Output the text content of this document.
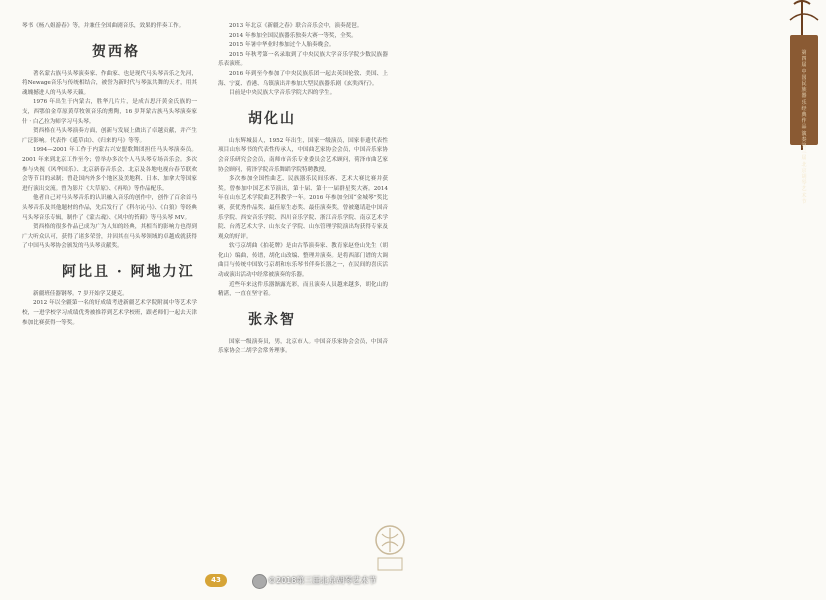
琴书《杨八姐游春》等，并兼任全国曲剧音乐，效果的伴奏工作。

贺西格

著名蒙古族马头琴演奏家、作曲家、也是现代马头琴音乐之先河，将Newage音乐与传统相结合，被誉为新时代与琴弦共舞的天才，用其魂魄撼进人的马头琴天籁。

1976 年出生于内蒙古，胜华几片片，是成吉思汗黄金氏族的一支，西鄂伯金草原黄草牧领音乐的熏陶，16 岁拜蒙古族马头琴演奏家什 · 白乙拉为师学习马头琴。

贺西格在马头琴演奏方面，创新与发展上做出了卓越贡献，并产生广泛影响。代表作《遥草由》、《归来的马》等等。

1994—2001 年工作于内蒙古兴安盟歌舞团担任马头琴演奏员。2001 年来到北京工作至今；曾举办多次个人马头琴专场音乐会。多次参与央视《风华国乐》、北京新春音乐会、北京及各地电视台春节联欢会等节目的录制；曾赴国内外多个地区及美地利、日本、加拿大等国家进行演出交流。曾为影片《大草原》、《再哈》等作品配乐。

他者自己对马头琴音乐的认识融入音乐的创作中，创作了百余首马头琴音乐及其他题材的作品，先后发行了《科尔沁马》、《白狼》等经典马头琴音乐专辑，制作了《蒙古魂》、《风中的苔藓》等马头琴 MV。

贺西格的很多作品已成为广为人知的经典，其相当的影响力也得到广大听众认可，获得了诸多荣誉，并因其在马头琴领域的卓越成就获得了中国马头琴协会颁发的马头琴贡献奖。

阿比且 · 阿地力江

新疆班佳器钢琴。7 岁开始学艾捷克。

2012 年以全疆第一名的好成绩考进新疆艺术学院附属中等艺术学校，一进学校学习成绩优秀被推荐到艺术学校班，跟老师们一起去天津参加比赛获得一等奖。

2013 年北京《新疆之春》联合音乐会中，演奏琵琶。

2014 年参加全国民族器乐独奏大赛一等奖，全奖。

2015 年暑中华业时参加过个人胎奏晚会。

2015 年秋考第一名录取到了中央民族大学音乐学院少数民族器乐表演班。

2016 年到至今参加了中央民族乐团一起去英国伦敦、美国、上海、宁夏、香港、乌镇演出并参加大型民族器乐剧《玄奘西行》。

目前是中央民族大学音乐学院大四的学生。

胡化山

山东辉城县人，1952 年出生，国家一级演员，国家非遗代表性项目山东琴书的代表性传承人，中国曲艺家协会会员，中国音乐家协会音乐研究会会员，南师市音乐专业委员会艺术顾问，荷泽市曲艺家协会顾问，荷泽学院音乐舞蹈学院特聘教授。

多次参加全国性曲艺、民族器乐民间乐赛、艺术大赛比赛并获奖。曾参加中国艺术节演出，第十届、第十一届群星奖大赛。2014 年在山东艺术学院曲艺科教学一年。2016 年参加全国“金城琴”奖比赛，获优秀作品奖、最佳原生态奖、最佳演奏奖，曾被邀请赴中国音乐学院、西安音乐学院、四川音乐学院、浙江音乐学院、南京艺术学院、台湾艺术大学、山东女子学院、山东管理学院演出均获得专家及观众的好评。

软弓京胡曲《拍花牌》是由古筝演奏家、教育家赵登山先生（胡化山）编曲，传谱，胡化山改编、整理并演奏。是将西部门谱的大调曲目与传统中国软弓京胡和东乐琴书伴奏长器之一，在民间的喜庆活动或演出活动中经常被演奏的乐器。

近些年来这件乐器渐露光彩，而且演奏人员越来越多，胡化山的精湛，一直在坚守着。

张永智

国家一级演奏员，男，北京市人。中国音乐家协会会员，中国音乐家协会二胡学会常务理事。

第四届中国民族器乐经典作品演奏第三届北京胡琴艺术节
43	©2018第三届北京胡琴艺术节
